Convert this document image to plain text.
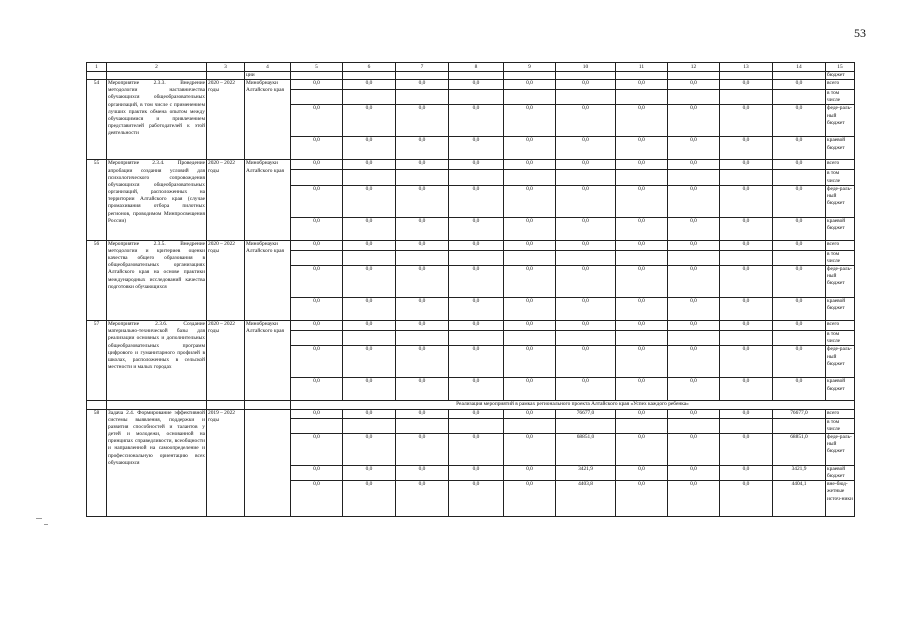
53
1	2	3	4	5	6	7	8	9	10	11	12	13	14	15
			ции											бюджет
54	Мероприятие 2.3.3. Внедрение методологии наставничества обучающихся общеобразовательных организаций, в том числе с применением лучших практик обмена опытом между обучающимися и привлечением представителей работодателей к этой деятельности	2020 – 2022 годы	Минобрнауки Алтайского края	0,0	0,0	0,0	0,0	0,0	0,0	0,0	0,0	0,0	0,0	всего
														в том числе
				0,0	0,0	0,0	0,0	0,0	0,0	0,0	0,0	0,0	0,0	феде-раль-ный бюджет
				0,0	0,0	0,0	0,0	0,0	0,0	0,0	0,0	0,0	0,0	краевой бюджет
55	Мероприятие 2.3.4. Проведение апробации создания условий для психологического сопровождения обучающихся общеобразовательных организаций, расположенных на территории Алтайского края (случае промахивания отбора пилотных регионов, проводимом Минпросвещения России)	2020 – 2022 годы	Минобрнауки Алтайского края	0,0	0,0	0,0	0,0	0,0	0,0	0,0	0,0	0,0	0,0	всего
														в том числе
				0,0	0,0	0,0	0,0	0,0	0,0	0,0	0,0	0,0	0,0	феде-раль-ный бюджет
				0,0	0,0	0,0	0,0	0,0	0,0	0,0	0,0	0,0	0,0	краевой бюджет
56	Мероприятие 2.3.5. Внедрение методологии и критериев оценки качества общего образования в общеобразовательных организациях Алтайского края на основе практики международных исследований качества подготовки обучающихся	2020 – 2022 годы	Минобрнауки Алтайского края	0,0	0,0	0,0	0,0	0,0	0,0	0,0	0,0	0,0	0,0	всего
														в том числе
				0,0	0,0	0,0	0,0	0,0	0,0	0,0	0,0	0,0	0,0	феде-раль-ный бюджет
				0,0	0,0	0,0	0,0	0,0	0,0	0,0	0,0	0,0	0,0	краевой бюджет
57	Мероприятие 2.3.6. Создание материально-технической базы для реализации основных и дополнительных общеобразовательных программ цифрового и гуманитарного профилей в школах, расположенных в сельской местности и малых городах	2020 – 2022 годы	Минобрнауки Алтайского края	0,0	0,0	0,0	0,0	0,0	0,0	0,0	0,0	0,0	0,0	всего
														в том числе
				0,0	0,0	0,0	0,0	0,0	0,0	0,0	0,0	0,0	0,0	феде-раль-ный бюджет
				0,0	0,0	0,0	0,0	0,0	0,0	0,0	0,0	0,0	0,0	краевой бюджет
				Реализация мероприятий в рамках регионального проекта Алтайского края «Успех каждого ребенка»										
58	Задача 2.4. Формирование эффективной системы выявления, поддержки и развития способностей и талантов у детей и молодежи, основанной на принципах справедливости, всеобщности и направленной на самоопределение и профессиональную ориентацию всех обучающихся	2019 – 2022 годы		0,0	0,0	0,0	0,0	0,0	76677,0	0,0	0,0	0,0	76677,0	всего
														в том числе
				0,0	0,0	0,0	0,0	0,0	68851,0	0,0	0,0	0,0	68851,0	феде-раль-ный бюджет
				0,0	0,0	0,0	0,0	0,0	3421,9	0,0	0,0	0,0	3421,9	краевой бюджет
				0,0	0,0	0,0	0,0	0,0	4403,8	0,0	0,0	0,0	4404,1	вне-бюд-жетные источ-ники
